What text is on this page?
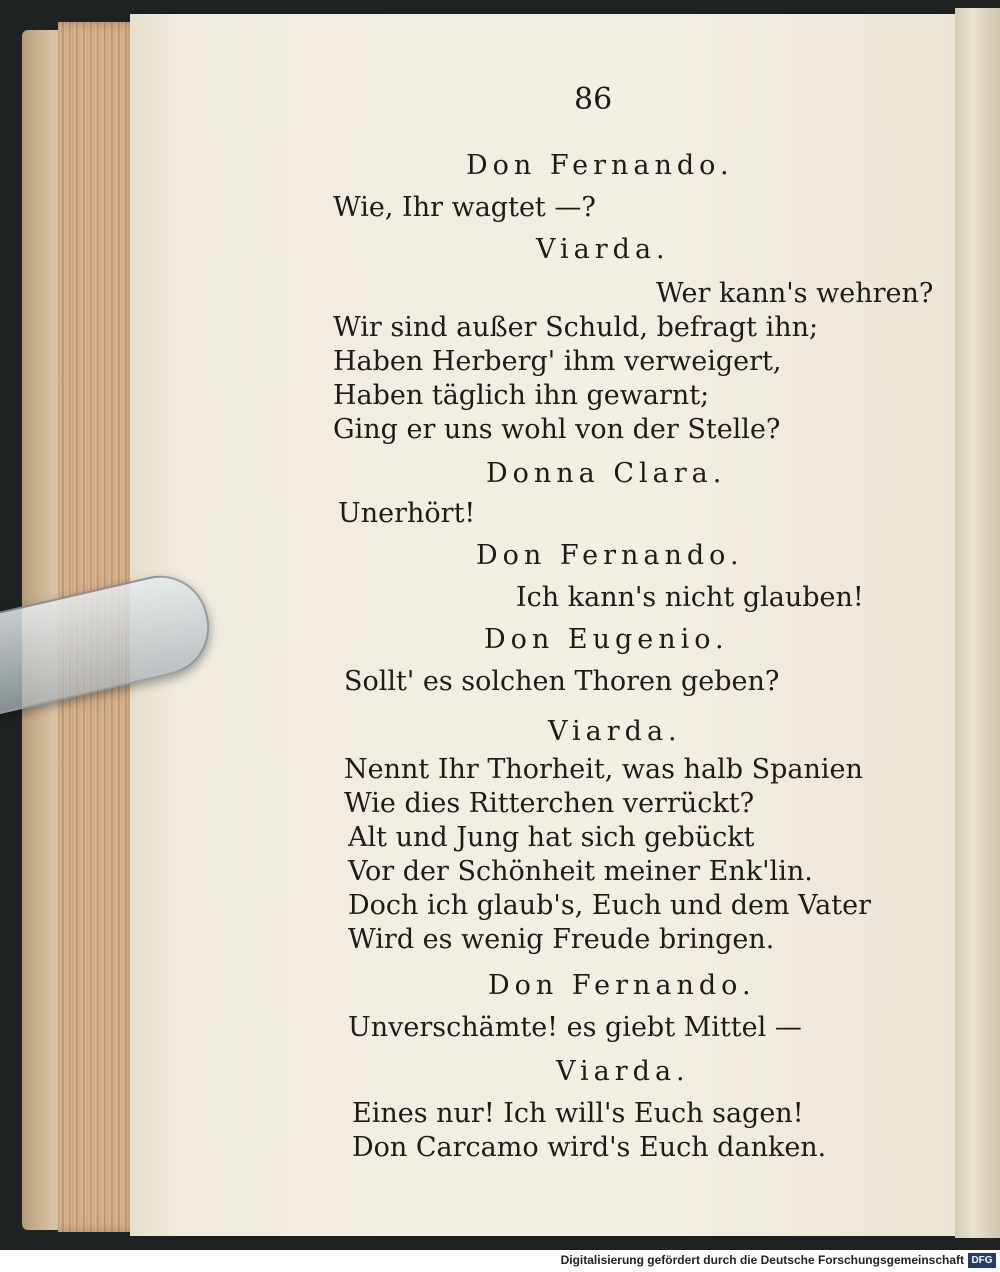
86
Don Fernando.
Wie, Ihr wagtet —?
Viarda.
Wer kann's wehren?
Wir sind außer Schuld, befragt ihn;
Haben Herberg' ihm verweigert,
Haben täglich ihn gewarnt;
Ging er uns wohl von der Stelle?
Donna Clara.
Unerhört!
Don Fernando.
Ich kann's nicht glauben!
Don Eugenio.
Sollt' es solchen Thoren geben?
Viarda.
Nennt Ihr Thorheit, was halb Spanien
Wie dies Ritterchen verrückt?
Alt und Jung hat sich gebückt
Vor der Schönheit meiner Enk'lin.
Doch ich glaub's, Euch und dem Vater
Wird es wenig Freude bringen.
Don Fernando.
Unverschämte! es giebt Mittel —
Viarda.
Eines nur! Ich will's Euch sagen!
Don Carcamo wird's Euch danken.
Digitalisierung gefördert durch die Deutsche Forschungsgemeinschaft DFG
